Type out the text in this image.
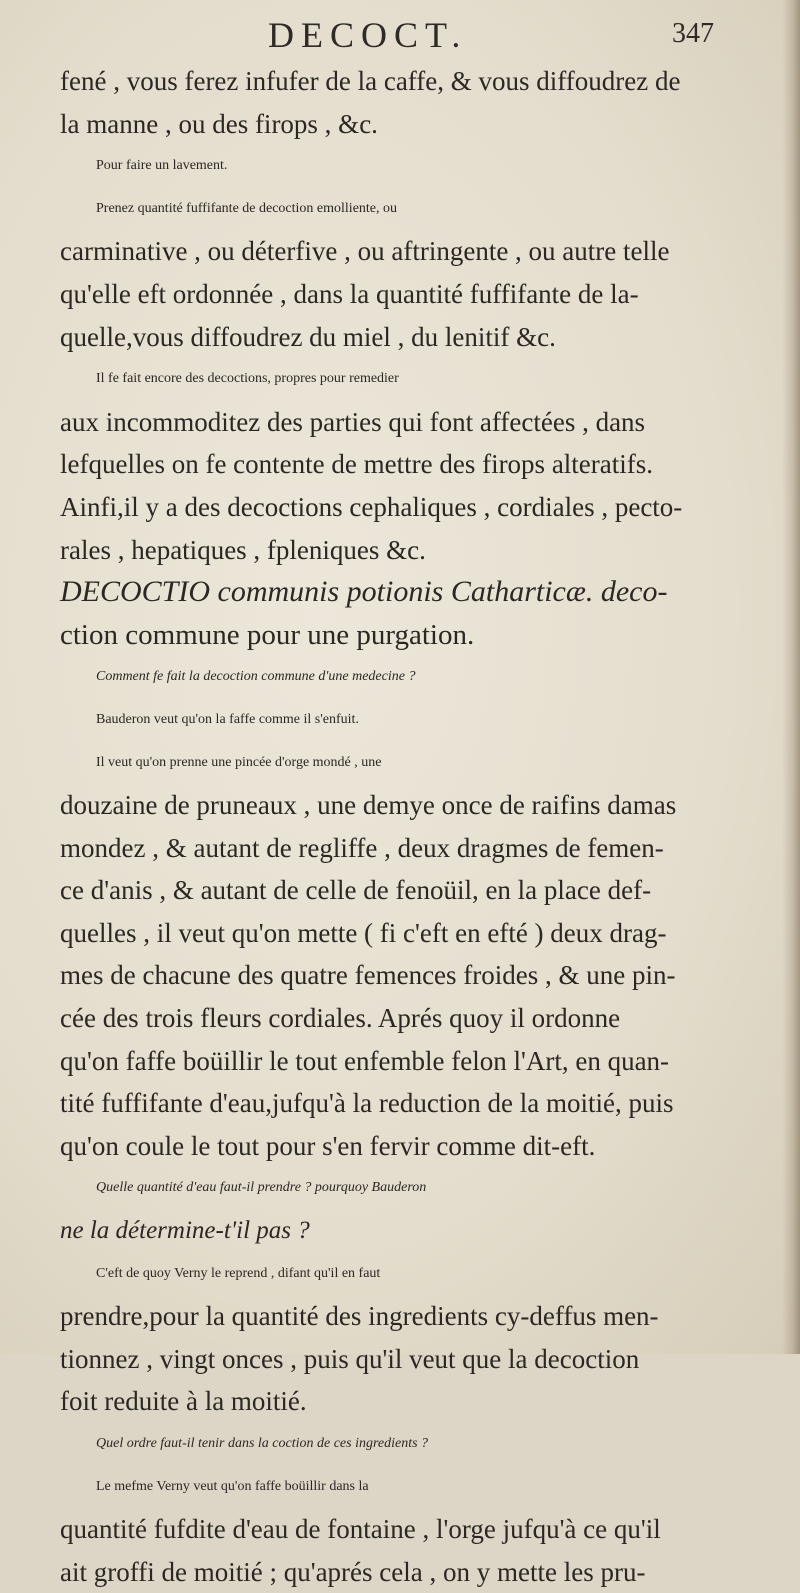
DECOCT.	347
fené , vous ferez infufer de la caffe, & vous diffoudrez de
la manne , ou des firops , &c.
Pour faire un lavement.
Prenez quantité fuffifante de decoction emolliente, ou
carminative , ou déterfive , ou aftringente , ou autre telle
qu'elle eft ordonnée , dans la quantité fuffifante de la-
quelle,vous diffoudrez du miel , du lenitif &c.
Il fe fait encore des decoctions, propres pour remedier
aux incommoditez des parties qui font affectées , dans
lefquelles on fe contente de mettre des firops alteratifs.
Ainfi,il y a des decoctions cephaliques , cordiales , pecto-
rales , hepatiques , fpleniques &c.
DECOCTIO communis potionis Catharticæ. deco-
ction commune pour une purgation.
Comment fe fait la decoction commune d'une medecine ?
Bauderon veut qu'on la faffe comme il s'enfuit.
Il veut qu'on prenne une pincée d'orge mondé , une
douzaine de pruneaux , une demye once de raifins damas
mondez , & autant de regliffe , deux dragmes de femen-
ce d'anis , & autant de celle de fenoüil, en la place def-
quelles , il veut qu'on mette ( fi c'eft en efté ) deux drag-
mes de chacune des quatre femences froides , & une pin-
cée des trois fleurs cordiales. Aprés quoy il ordonne
qu'on faffe boüillir le tout enfemble felon l'Art, en quan-
tité fuffifante d'eau,jufqu'à la reduction de la moitié, puis
qu'on coule le tout pour s'en fervir comme dit-eft.
Quelle quantité d'eau faut-il prendre ? pourquoy Bauderon
ne la détermine-t'il pas ?
C'eft de quoy Verny le reprend , difant qu'il en faut
prendre,pour la quantité des ingredients cy-deffus men-
tionnez , vingt onces , puis qu'il veut que la decoction
foit reduite à la moitié.
Quel ordre faut-il tenir dans la coction de ces ingredients ?
Le mefme Verny veut qu'on faffe boüillir dans la
quantité fufdite d'eau de fontaine , l'orge jufqu'à ce qu'il
ait groffi de moitié ; qu'aprés cela , on y mette les pru-
